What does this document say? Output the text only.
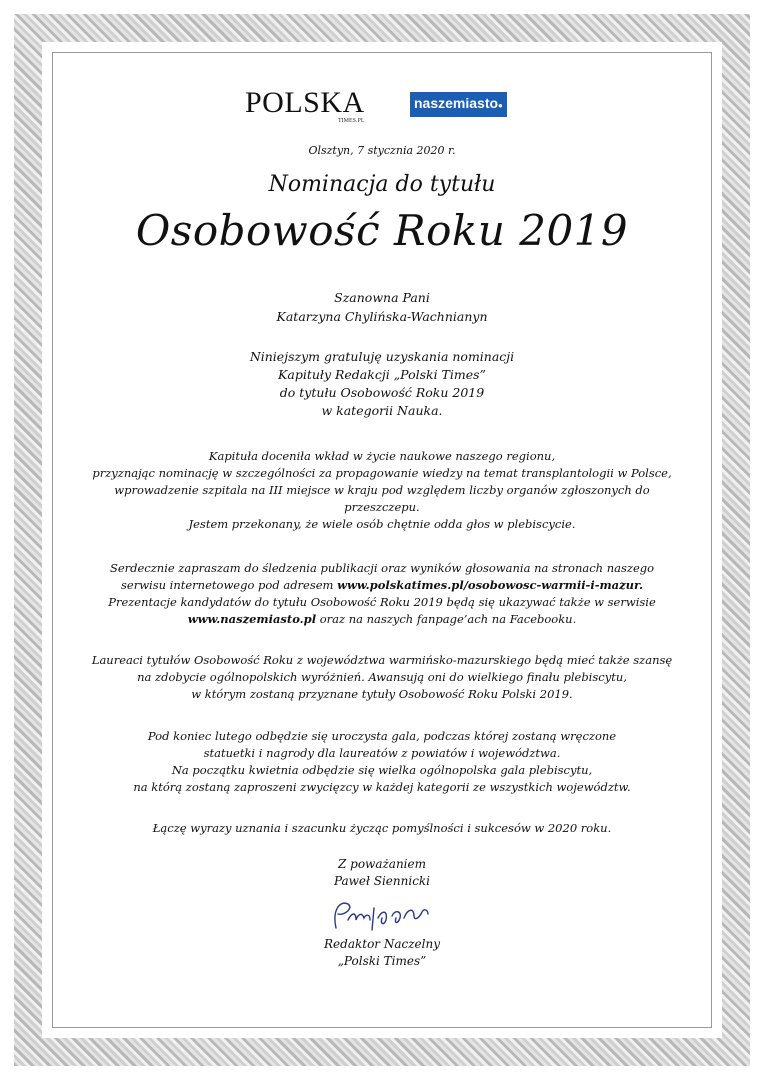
POLSKA
TIMES.PL
naszemiasto●
Olsztyn, 7 stycznia 2020 r.
Nominacja do tytułu
Osobowość Roku 2019
Szanowna Pani
Katarzyna Chylińska-Wachnianyn
Niniejszym gratuluję uzyskania nominacji
Kapituły Redakcji „Polski Times”
do tytułu Osobowość Roku 2019
w kategorii Nauka.
Kapituła doceniła wkład w życie naukowe naszego regionu,
przyznając nominację w szczególności za propagowanie wiedzy na temat transplantologii w Polsce,
wprowadzenie szpitala na III miejsce w kraju pod względem liczby organów zgłoszonych do
przeszczepu.
Jestem przekonany, że wiele osób chętnie odda głos w plebiscycie.
Serdecznie zapraszam do śledzenia publikacji oraz wyników głosowania na stronach naszego
serwisu internetowego pod adresem www.polskatimes.pl/osobowosc-warmii-i-mazur.
Prezentacje kandydatów do tytułu Osobowość Roku 2019 będą się ukazywać także w serwisie
www.naszemiasto.pl oraz na naszych fanpage’ach na Facebooku.
Laureaci tytułów Osobowość Roku z województwa warmińsko-mazurskiego będą mieć także szansę
na zdobycie ogólnopolskich wyróżnień. Awansują oni do wielkiego finału plebiscytu,
w którym zostaną przyznane tytuły Osobowość Roku Polski 2019.
Pod koniec lutego odbędzie się uroczysta gala, podczas której zostaną wręczone
statuetki i nagrody dla laureatów z powiatów i województwa.
Na początku kwietnia odbędzie się wielka ogólnopolska gala plebiscytu,
na którą zostaną zaproszeni zwycięzcy w każdej kategorii ze wszystkich województw.
Łączę wyrazy uznania i szacunku życząc pomyślności i sukcesów w 2020 roku.
Z poważaniem
Paweł Siennicki
Redaktor Naczelny
„Polski Times”
